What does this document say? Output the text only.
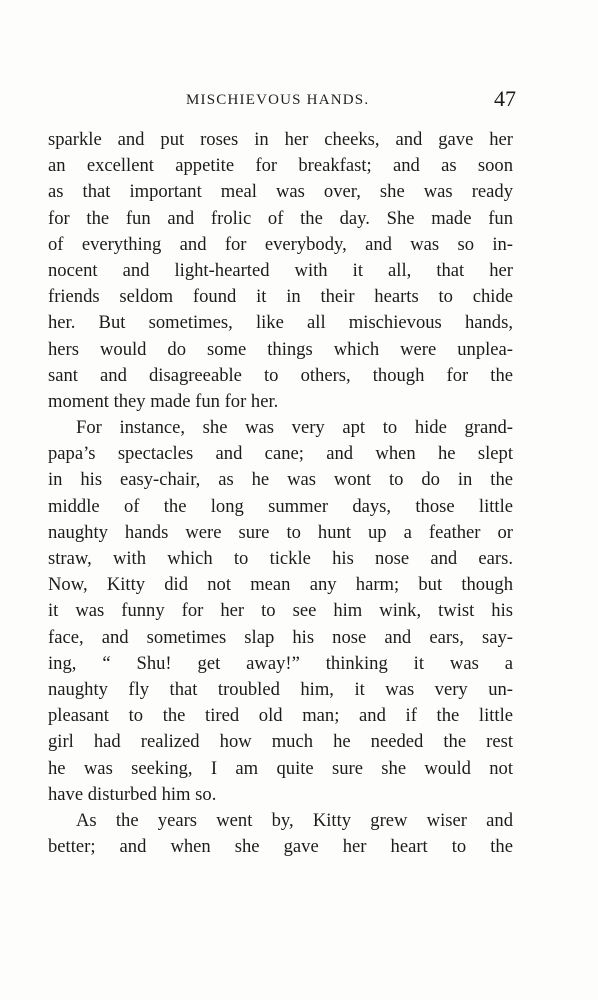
MISCHIEVOUS HANDS.	47
sparkle and put roses in her cheeks, and gave her
an excellent appetite for breakfast; and as soon
as that important meal was over, she was ready
for the fun and frolic of the day. She made fun
of everything and for everybody, and was so in-
nocent and light-hearted with it all, that her
friends seldom found it in their hearts to chide
her. But sometimes, like all mischievous hands,
hers would do some things which were unplea-
sant and disagreeable to others, though for the
moment they made fun for her.
For instance, she was very apt to hide grand-
papa’s spectacles and cane; and when he slept
in his easy-chair, as he was wont to do in the
middle of the long summer days, those little
naughty hands were sure to hunt up a feather or
straw, with which to tickle his nose and ears.
Now, Kitty did not mean any harm; but though
it was funny for her to see him wink, twist his
face, and sometimes slap his nose and ears, say-
ing, “ Shu! get away!” thinking it was a
naughty fly that troubled him, it was very un-
pleasant to the tired old man; and if the little
girl had realized how much he needed the rest
he was seeking, I am quite sure she would not
have disturbed him so.
As the years went by, Kitty grew wiser and
better; and when she gave her heart to the
